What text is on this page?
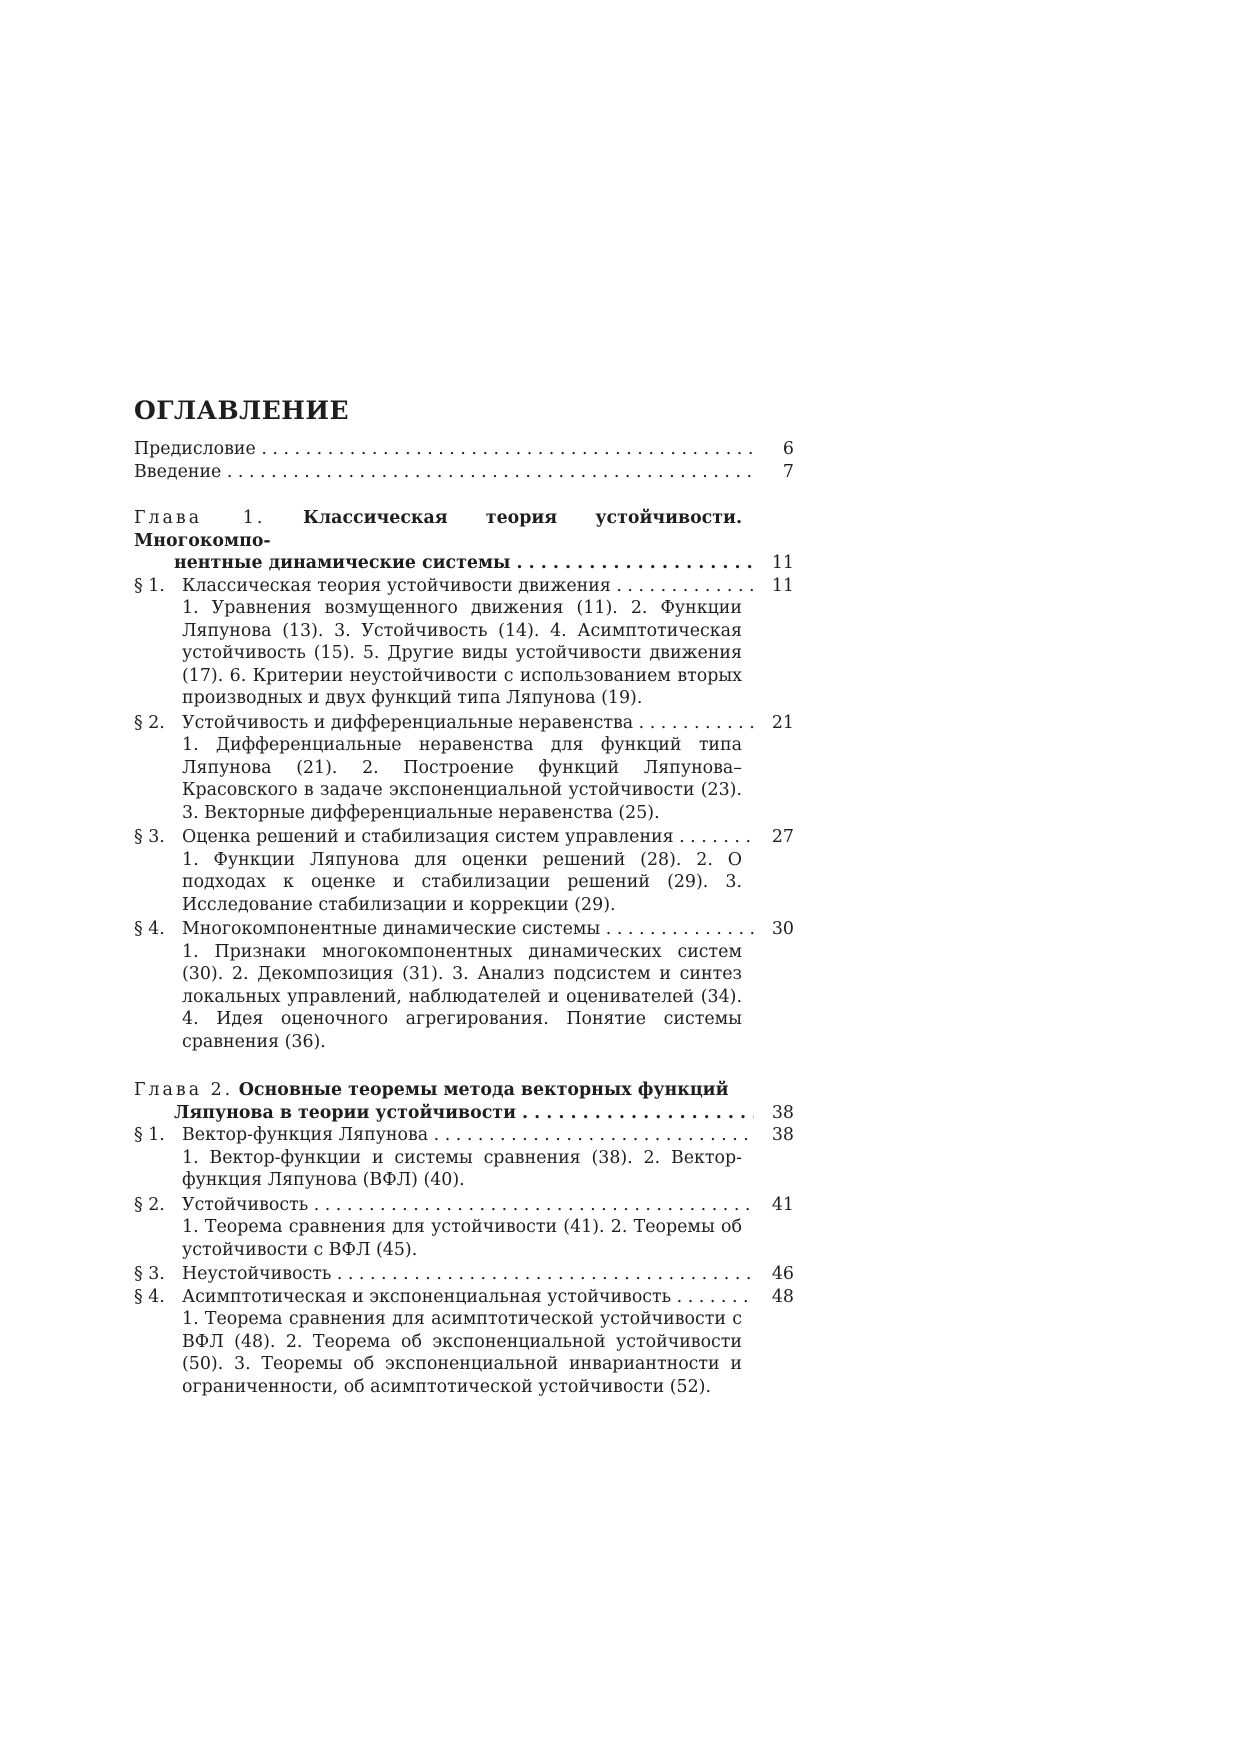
ОГЛАВЛЕНИЕ
Предисловие . . .	6
Введение . . .	7
Глава 1. Классическая теория устойчивости. Многокомпо-
нентные динамические системы . . .	11
§ 1. Классическая теория устойчивости движения . . .	11
1. Уравнения возмущенного движения (11). 2. Функции Ляпунова (13). 3. Устойчивость (14). 4. Асимптотическая устойчивость (15). 5. Другие виды устойчивости движения (17). 6. Критерии неустойчивости с использованием вторых производных и двух функций типа Ляпунова (19).
§ 2. Устойчивость и дифференциальные неравенства . . .	21
1. Дифференциальные неравенства для функций типа Ляпунова (21). 2. Построение функций Ляпунова–Красовского в задаче экспоненциальной устойчивости (23). 3. Векторные дифференциальные неравенства (25).
§ 3. Оценка решений и стабилизация систем управления . . .	27
1. Функции Ляпунова для оценки решений (28). 2. О подходах к оценке и стабилизации решений (29). 3. Исследование стабилизации и коррекции (29).
§ 4. Многокомпонентные динамические системы . . .	30
1. Признаки многокомпонентных динамических систем (30). 2. Декомпозиция (31). 3. Анализ подсистем и синтез локальных управлений, наблюдателей и оценивателей (34). 4. Идея оценочного агрегирования. Понятие системы сравнения (36).
Глава 2. Основные теоремы метода векторных функций
Ляпунова в теории устойчивости . . .	38
§ 1. Вектор-функция Ляпунова . . .	38
1. Вектор-функции и системы сравнения (38). 2. Вектор-функция Ляпунова (ВФЛ) (40).
§ 2. Устойчивость . . .	41
1. Теорема сравнения для устойчивости (41). 2. Теоремы об устойчивости с ВФЛ (45).
§ 3. Неустойчивость . . .	46
§ 4. Асимптотическая и экспоненциальная устойчивость . . .	48
1. Теорема сравнения для асимптотической устойчивости с ВФЛ (48). 2. Теорема об экспоненциальной устойчивости (50). 3. Теоремы об экспоненциальной инвариантности и ограниченности, об асимптотической устойчивости (52).
